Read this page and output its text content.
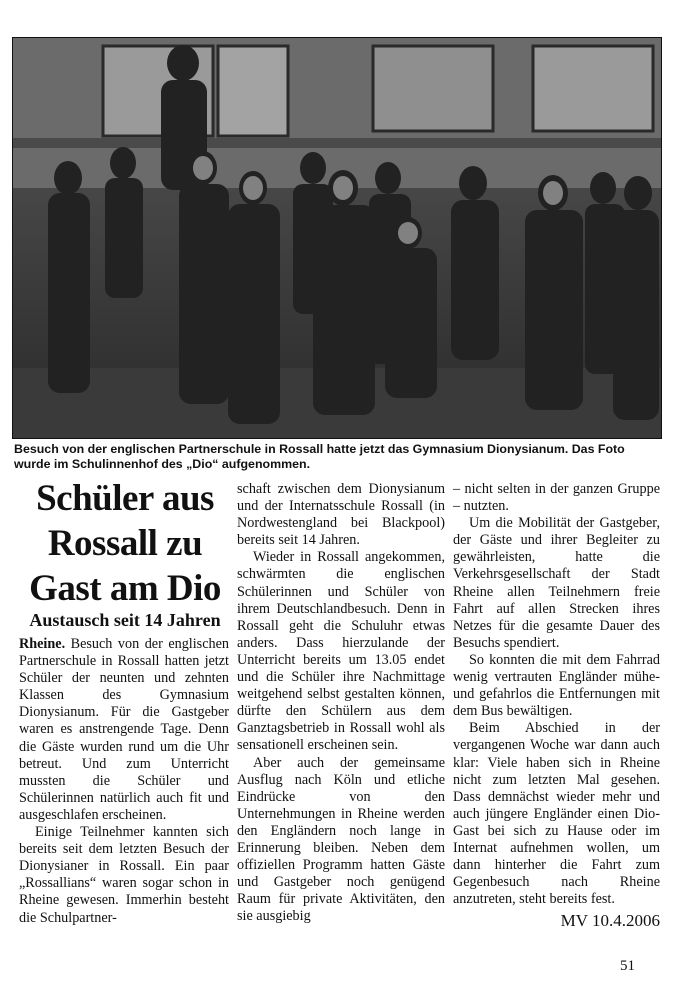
Besuch von der englischen Partnerschule in Rossall hatte jetzt das Gymnasium Dionysianum. Das Foto wurde im Schulinnenhof des „Dio“ aufgenommen.

Schüler aus Rossall zu Gast am Dio
Austausch seit 14 Jahren

Rheine. Besuch von der englischen Partnerschule in Rossall hatten jetzt Schüler der neunten und zehnten Klassen des Gymnasium Dionysianum. Für die Gastgeber waren es anstrengende Tage. Denn die Gäste wurden rund um die Uhr betreut. Und zum Unterricht mussten die Schüler und Schülerinnen natürlich auch fit und ausgeschlafen erscheinen.

Einige Teilnehmer kannten sich bereits seit dem letzten Besuch der Dionysianer in Rossall. Ein paar „Rossallians“ waren sogar schon in Rheine gewesen. Immerhin besteht die Schulpartner-

schaft zwischen dem Dionysianum und der Internatsschule Rossall (in Nordwestengland bei Blackpool) bereits seit 14 Jahren.

Wieder in Rossall angekommen, schwärmten die englischen Schülerinnen und Schüler von ihrem Deutschlandbesuch. Denn in Rossall geht die Schuluhr etwas anders. Dass hierzulande der Unterricht bereits um 13.05 endet und die Schüler ihre Nachmittage weitgehend selbst gestalten können, dürfte den Schülern aus dem Ganztagsbetrieb in Rossall wohl als sensationell erscheinen sein.

Aber auch der gemeinsame Ausflug nach Köln und etliche Eindrücke von den Unternehmungen in Rheine werden den Engländern noch lange in Erinnerung bleiben. Neben dem offiziellen Programm hatten Gäste und Gastgeber noch genügend Raum für private Aktivitäten, den sie ausgiebig

– nicht selten in der ganzen Gruppe – nutzten.

Um die Mobilität der Gastgeber, der Gäste und ihrer Begleiter zu gewährleisten, hatte die Verkehrsgesellschaft der Stadt Rheine allen Teilnehmern freie Fahrt auf allen Strecken ihres Netzes für die gesamte Dauer des Besuchs spendiert.

So konnten die mit dem Fahrrad wenig vertrauten Engländer mühe- und gefahrlos die Entfernungen mit dem Bus bewältigen.

Beim Abschied in der vergangenen Woche war dann auch klar: Viele haben sich in Rheine nicht zum letzten Mal gesehen. Dass demnächst wieder mehr und auch jüngere Engländer einen Dio-Gast bei sich zu Hause oder im Internat aufnehmen wollen, um dann hinterher die Fahrt zum Gegenbesuch nach Rheine anzutreten, steht bereits fest.

MV 10.4.2006

51
